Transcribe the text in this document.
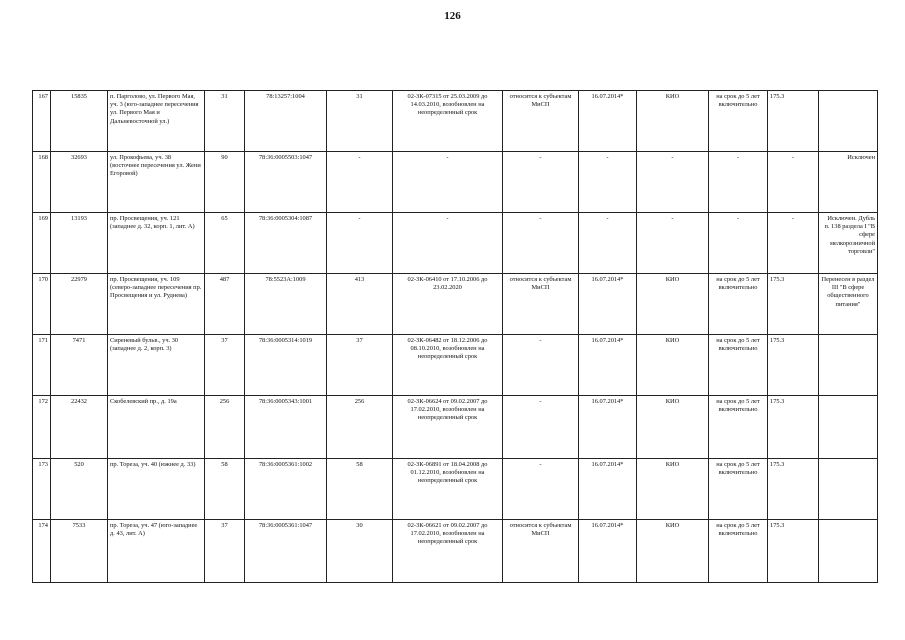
126
167	15835	п. Парголово, ул. Первого Мая, уч. 3 (юго-западнее пересечения ул. Первого Мая и Дальневосточной ул.)	31	78:13257:1004	31	02-ЗК-07315 от 25.03.2009 до 14.03.2010, возобновлен на неопределенный срок	относится к субъектам МиСП	16.07.2014*	КИО	на срок до 5 лет включительно	175.3	
168	32693	ул. Прокофьева, уч. 38 (восточнее пересечения ул. Жени Егоровой)	90	78:36:0005503:1047	-	-	-	-	-	-	-	Исключен
169	13193	пр. Просвещения, уч. 121 (западнее д. 32, корп. 1, лит. А)	65	78:36:0005304:1087	-	-	-	-	-	-	-	Исключен. Дубль п. 138 раздела I "В сфере мелкорозничной торговли"
170	22979	пр. Просвещения, уч. 109 (северо-западнее пересечения пр. Просвещения и ул. Руднева)	487	78:5523А:1009	413	02-ЗК-06410 от 17.10.2006 до 23.02.2020	относится к субъектам МиСП	16.07.2014*	КИО	на срок до 5 лет включительно	175.3	Перенесен в раздел III "В сфере общественного питания"
171	7471	Сиреневый бульв., уч. 30 (западнее д. 2, корп. 3)	37	78:36:0005314:1019	37	02-ЗК-06482 от 18.12.2006 до 08.10.2010, возобновлен на неопределенный срок	-	16.07.2014*	КИО	на срок до 5 лет включительно	175.3	
172	22432	Скобелевский пр., д. 19а	256	78:36:0005343:1001	256	02-ЗК-06624 от 09.02.2007 до 17.02.2010, возобновлен на неопределенный срок	-	16.07.2014*	КИО	на срок до 5 лет включительно	175.3	
173	520	пр. Тореза, уч. 40 (южнее д. 33)	58	78:36:0005361:1002	58	02-ЗК-06891 от 18.04.2008 до 01.12.2010, возобновлен на неопределенный срок	-	16.07.2014*	КИО	на срок до 5 лет включительно	175.3	
174	7533	пр. Тореза, уч. 47 (юго-западнее д. 43, лит. А)	37	78:36:0005361:1047	30	02-ЗК-06621 от 09.02.2007 до 17.02.2010, возобновлен на неопределенный срок	относится к субъектам МиСП	16.07.2014*	КИО	на срок до 5 лет включительно	175.3	
